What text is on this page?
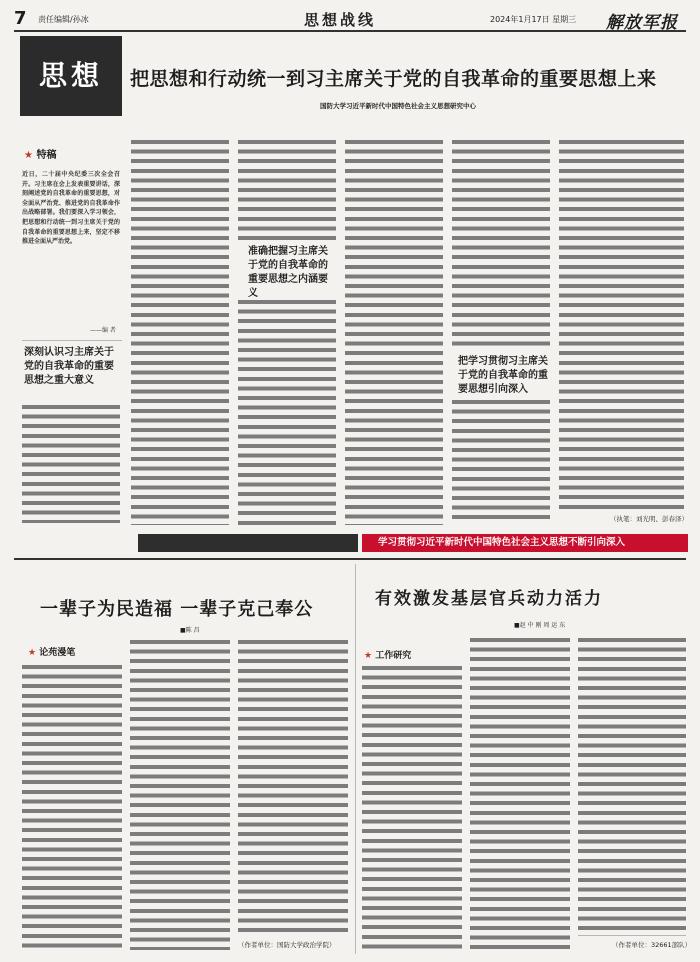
7 责任编辑/孙冰	思想战线	2024年1月17日 星期三 解放军报
思想	把思想和行动统一到习主席关于党的自我革命的重要思想上来
国防大学习近平新时代中国特色社会主义思想研究中心
★ 特稿
近日，二十届中央纪委三次全会召开。习主席在会上发表重要讲话，深刻阐述党的自我革命的重要思想，对全面从严治党、推进党的自我革命作出战略部署。我们要深入学习领会，把思想和行动统一到习主席关于党的自我革命的重要思想上来，坚定不移推进全面从严治党。
——编 者
深刻认识习主席关于党的自我革命的重要思想之重大意义
准确把握习主席关于党的自我革命的重要思想之内涵要义
把学习贯彻习主席关于党的自我革命的重要思想引向深入
（执笔：刘光明、彭春泽）
学习贯彻习近平新时代中国特色社会主义思想不断引向深入
一辈子为民造福 一辈子克己奉公
■陈 昌
★ 论苑漫笔
（作者单位：国防大学政治学院）
有效激发基层官兵动力活力
■赵 中 刚 周 运 东
★ 工作研究
（作者单位：32661部队）
